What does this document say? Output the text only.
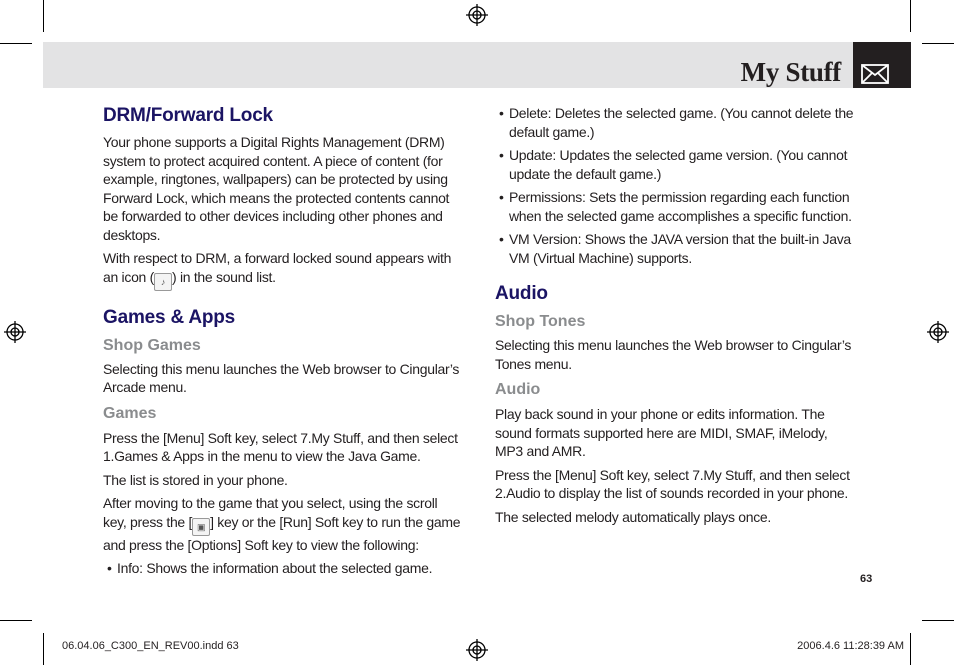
My Stuff
DRM/Forward Lock

Your phone supports a Digital Rights Management (DRM) system to protect acquired content. A piece of content (for example, ringtones, wallpapers) can be protected by using Forward Lock, which means the protected contents cannot be forwarded to other devices including other phones and desktops.

With respect to DRM, a forward locked sound appears with an icon ( ♪ ) in the sound list.

Games & Apps
Shop Games

Selecting this menu launches the Web browser to Cingular’s Arcade menu.

Games

Press the [Menu] Soft key, select 7.My Stuff, and then select 1.Games & Apps in the menu to view the Java Game.

The list is stored in your phone.

After moving to the game that you select, using the scroll key, press the [ ▣ ] key or the [Run] Soft key to run the game and press the [Options] Soft key to view the following:

• Info: Shows the information about the selected game.
• Delete: Deletes the selected game. (You cannot delete the default game.)
• Update: Updates the selected game version. (You cannot update the default game.)
• Permissions: Sets the permission regarding each function when the selected game accomplishes a specific function.
• VM Version: Shows the JAVA version that the built-in Java VM (Virtual Machine) supports.
Audio
Shop Tones

Selecting this menu launches the Web browser to Cingular’s Tones menu.

Audio

Play back sound in your phone or edits information. The sound formats supported here are MIDI, SMAF, iMelody, MP3 and AMR.

Press the [Menu] Soft key, select 7.My Stuff, and then select 2.Audio to display the list of sounds recorded in your phone.

The selected melody automatically plays once.

63
06.04.06_C300_EN_REV00.indd 63	2006.4.6 11:28:39 AM
